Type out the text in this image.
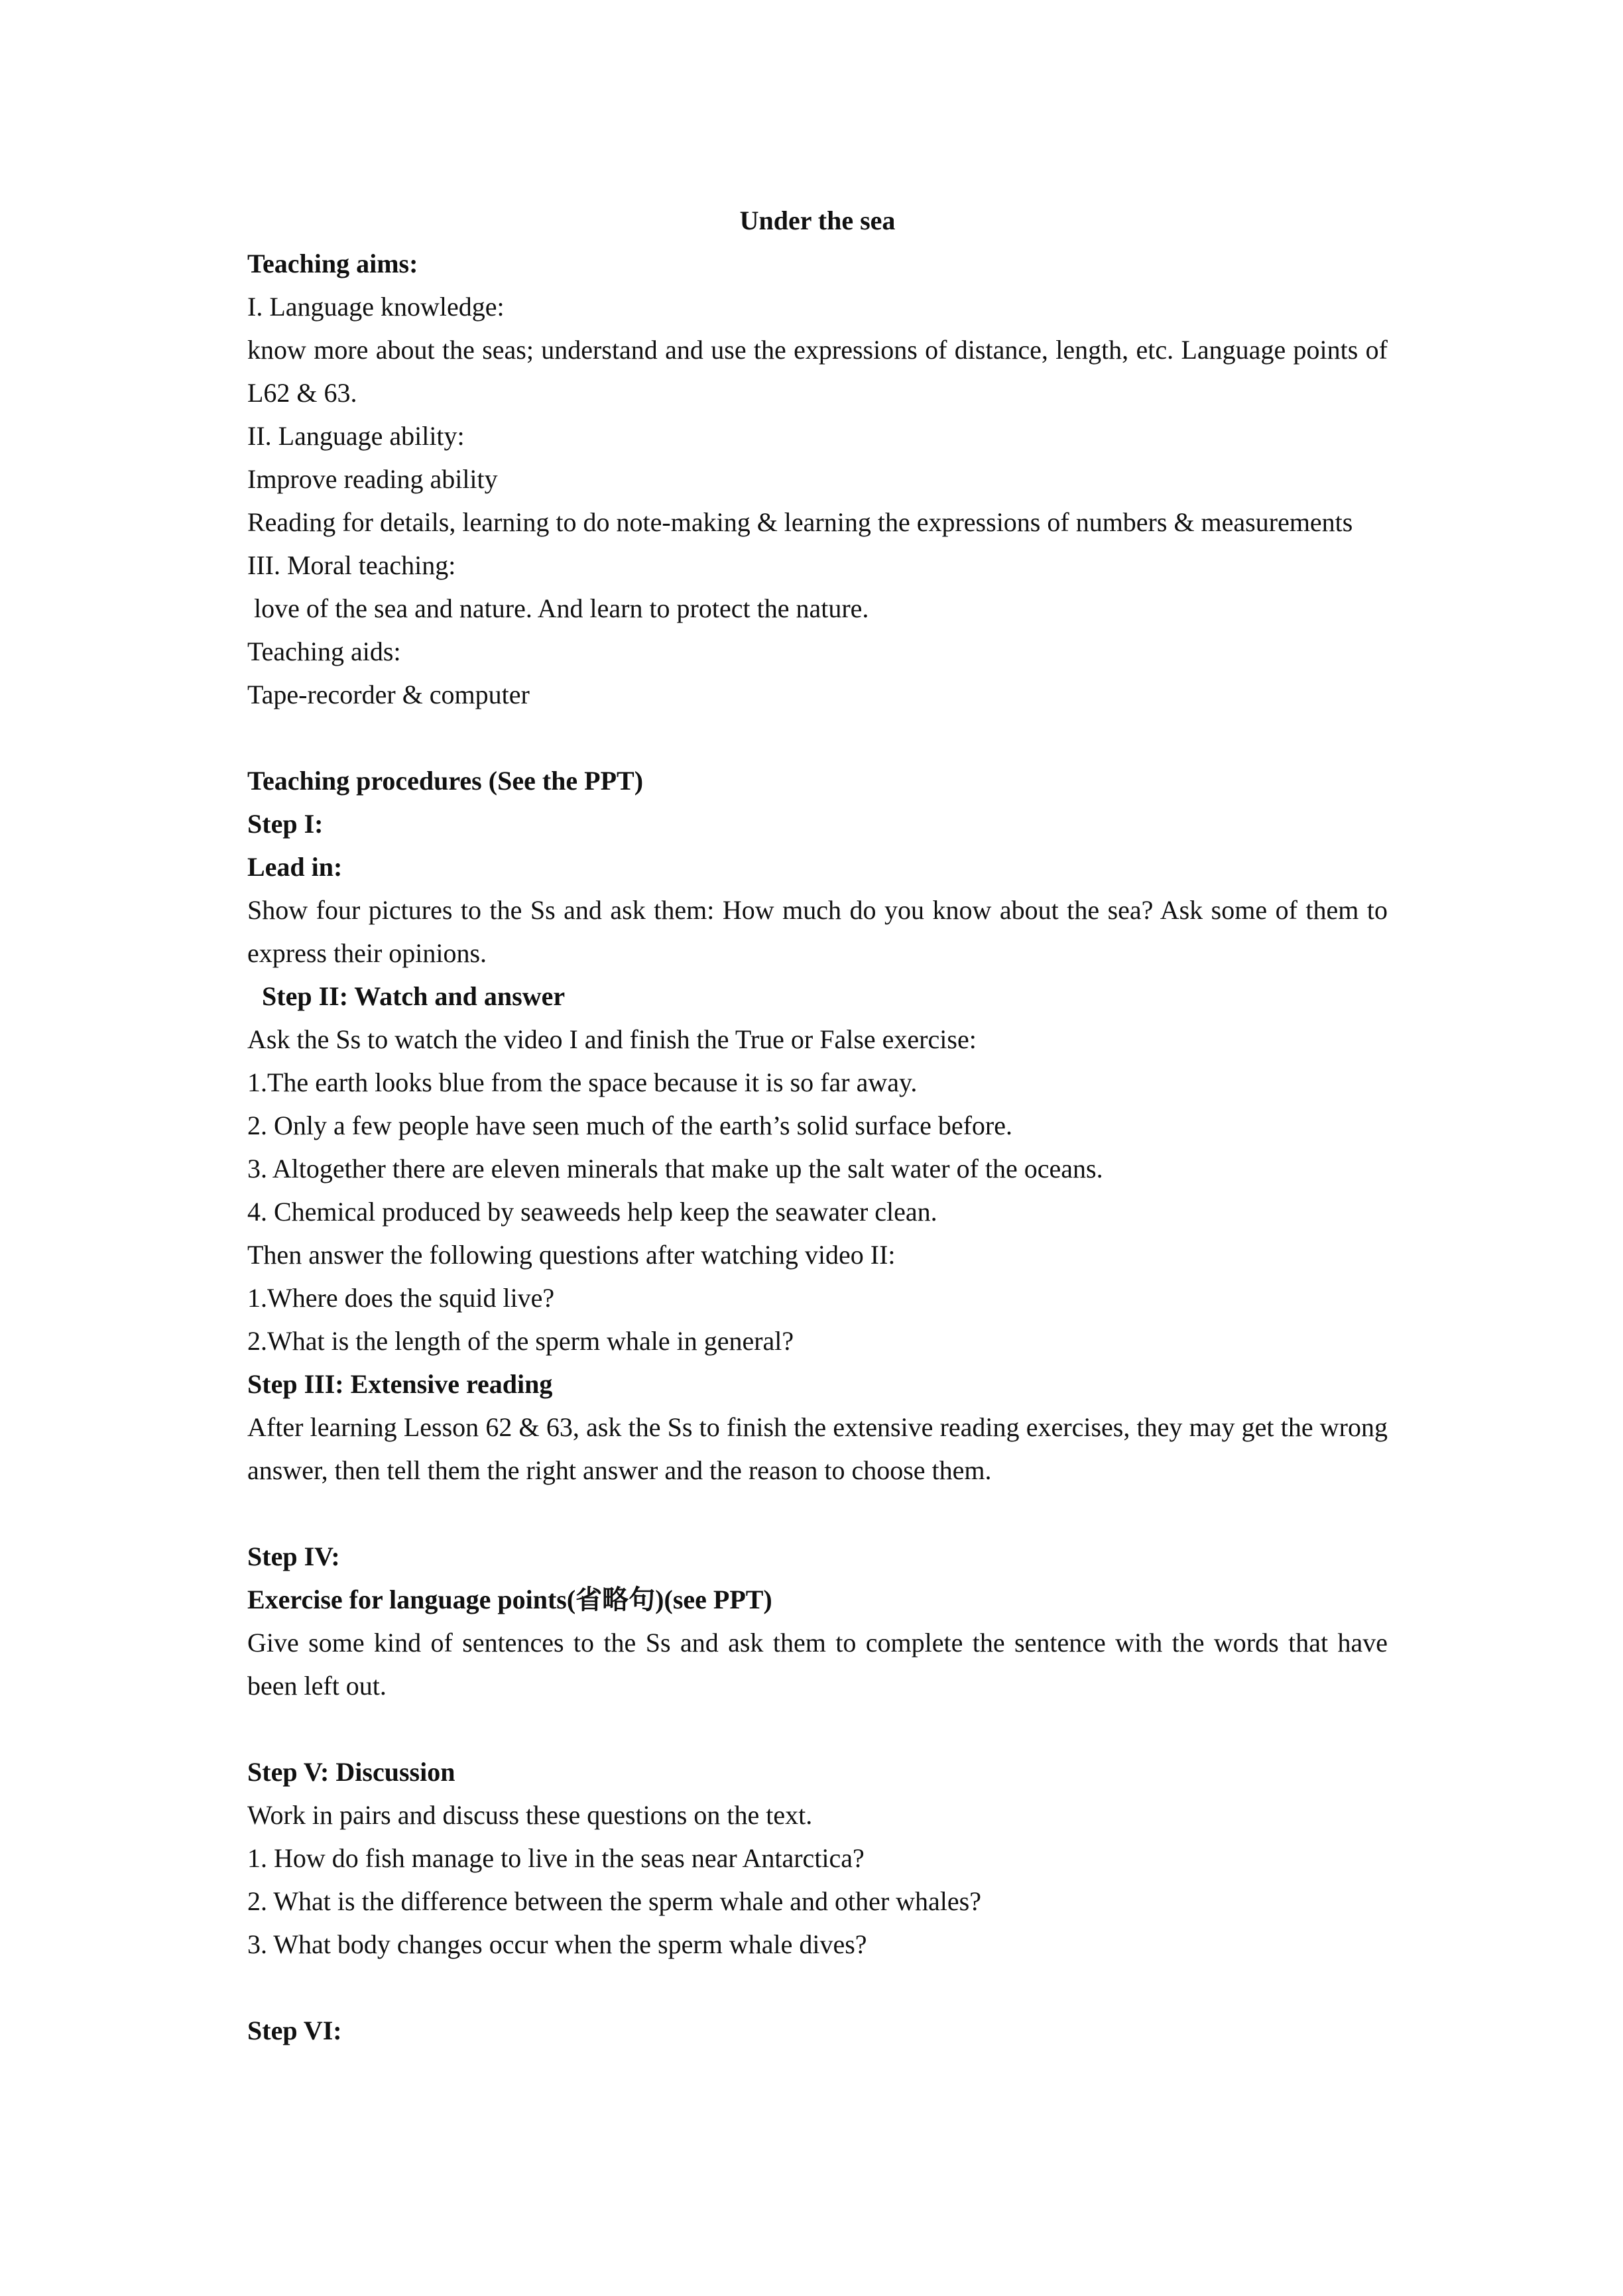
Under the sea
Teaching aims:
I. Language knowledge:
know more about the seas; understand and use the expressions of distance, length, etc. Language points of L62 & 63.
II. Language ability:
Improve reading ability
Reading for details, learning to do note-making & learning the expressions of numbers & measurements
III. Moral teaching:
love of the sea and nature. And learn to protect the nature.
Teaching aids:
Tape-recorder & computer
Teaching procedures (See the PPT)
Step I:
Lead in:
Show four pictures to the Ss and ask them: How much do you know about the sea? Ask some of them to express their opinions.
Step II: Watch and answer
Ask the Ss to watch the video I and finish the True or False exercise:
1.The earth looks blue from the space because it is so far away.
2. Only a few people have seen much of the earth’s solid surface before.
3. Altogether there are eleven minerals that make up the salt water of the oceans.
4. Chemical produced by seaweeds help keep the seawater clean.
Then answer the following questions after watching video II:
1.Where does the squid live?
2.What is the length of the sperm whale in general?
Step III: Extensive reading
After learning Lesson 62 & 63, ask the Ss to finish the extensive reading exercises, they may get the wrong answer, then tell them the right answer and the reason to choose them.
Step IV:
Exercise for language points(省略句)(see PPT)
Give some kind of sentences to the Ss and ask them to complete the sentence with the words that have been left out.
Step V: Discussion
Work in pairs and discuss these questions on the text.
1. How do fish manage to live in the seas near Antarctica?
2. What is the difference between the sperm whale and other whales?
3. What body changes occur when the sperm whale dives?
Step VI:
